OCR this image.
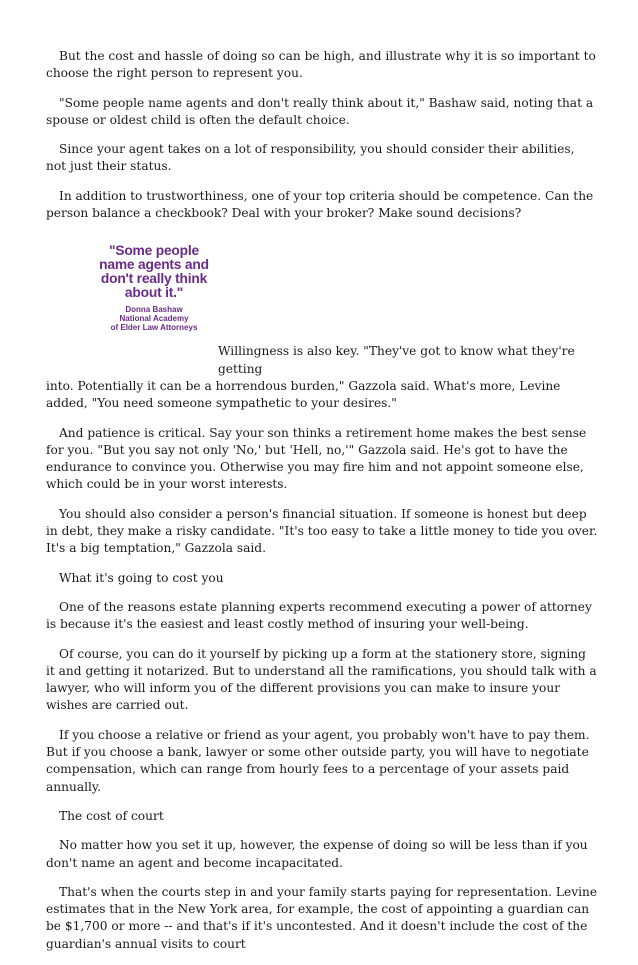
But the cost and hassle of doing so can be high, and illustrate why it is so important to choose the right person to represent you.

"Some people name agents and don't really think about it," Bashaw said, noting that a spouse or oldest child is often the default choice.

Since your agent takes on a lot of responsibility, you should consider their abilities, not just their status.

In addition to trustworthiness, one of your top criteria should be competence. Can the person balance a checkbook? Deal with your broker? Make sound decisions?

"Some people name agents and don't really think about it."
Donna Bashaw
National Academy
of Elder Law Attorneys

Willingness is also key. "They've got to know what they're getting
into. Potentially it can be a horrendous burden," Gazzola said. What's more, Levine added, "You need someone sympathetic to your desires."

And patience is critical. Say your son thinks a retirement home makes the best sense for you. "But you say not only 'No,' but 'Hell, no,'" Gazzola said. He's got to have the endurance to convince you. Otherwise you may fire him and not appoint someone else, which could be in your worst interests.

You should also consider a person's financial situation. If someone is honest but deep in debt, they make a risky candidate. "It's too easy to take a little money to tide you over. It's a big temptation," Gazzola said.

What it's going to cost you

One of the reasons estate planning experts recommend executing a power of attorney is because it's the easiest and least costly method of insuring your well-being.

Of course, you can do it yourself by picking up a form at the stationery store, signing it and getting it notarized. But to understand all the ramifications, you should talk with a lawyer, who will inform you of the different provisions you can make to insure your wishes are carried out.

If you choose a relative or friend as your agent, you probably won't have to pay them. But if you choose a bank, lawyer or some other outside party, you will have to negotiate compensation, which can range from hourly fees to a percentage of your assets paid annually.

The cost of court

No matter how you set it up, however, the expense of doing so will be less than if you don't name an agent and become incapacitated.

That's when the courts step in and your family starts paying for representation. Levine estimates that in the New York area, for example, the cost of appointing a guardian can be $1,700 or more -- and that's if it's uncontested. And it doesn't include the cost of the guardian's annual visits to court
